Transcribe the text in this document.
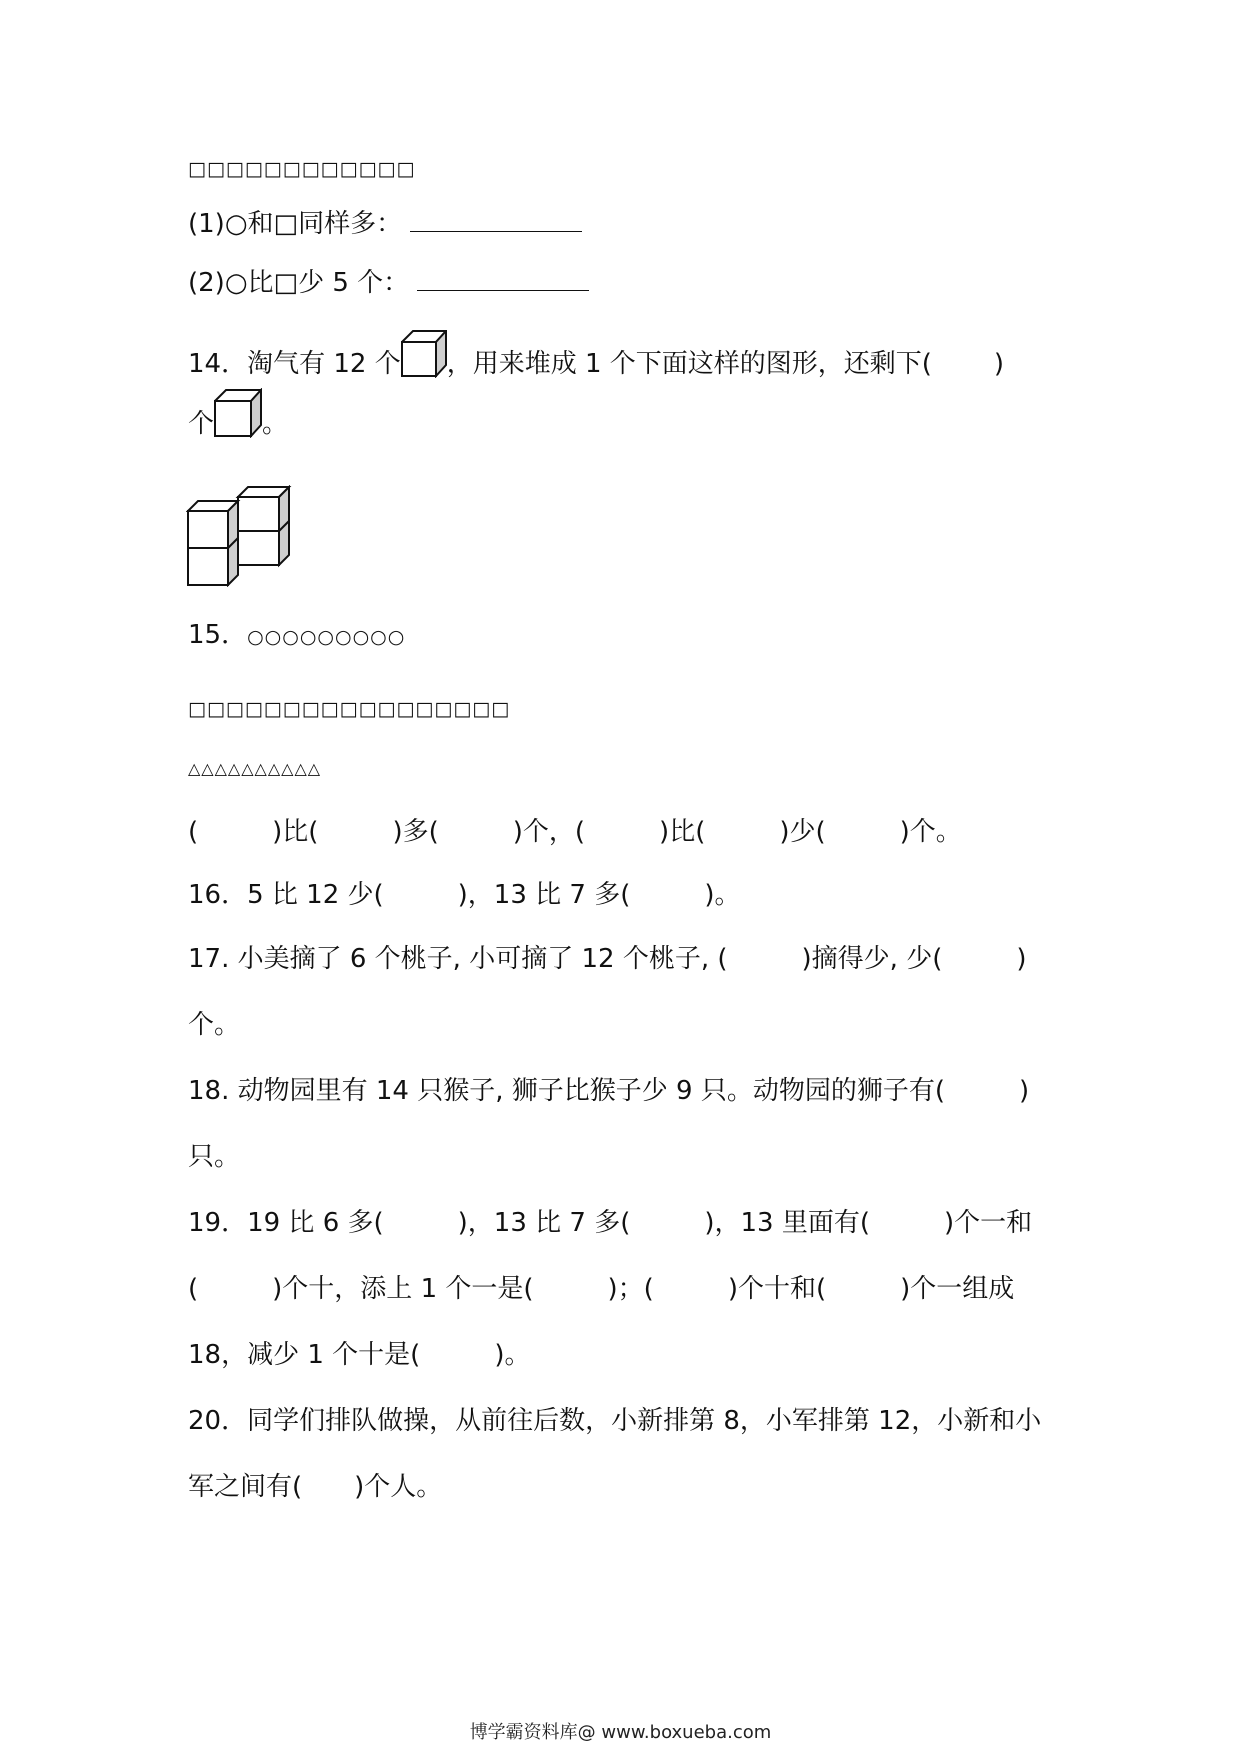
□□□□□□□□□□□□
(1)○和□同样多：
(2)○比□少 5 个：
14．淘气有 12 个 ，用来堆成 1 个下面这样的图形，还剩下( )
个 。
15．○○○○○○○○○
□□□□□□□□□□□□□□□□□
△△△△△△△△△△
(	)比(	)多(	)个，(	)比(	)少(	)个。
16．5 比 12 少(	)，13 比 7 多(	)。
17. 小美摘了 6 个桃子, 小可摘了 12 个桃子, (	)摘得少, 少(	)
个。
18. 动物园里有 14 只猴子, 狮子比猴子少 9 只。动物园的狮子有(	)
只。
19．19 比 6 多(	)，13 比 7 多(	)，13 里面有(	)个一和
(	)个十，添上 1 个一是(	)；(	)个十和(	)个一组成
18，减少 1 个十是(	)。
20．同学们排队做操，从前往后数，小新排第 8，小军排第 12，小新和小
军之间有( )个人。
博学霸资料库@ www.boxueba.com
